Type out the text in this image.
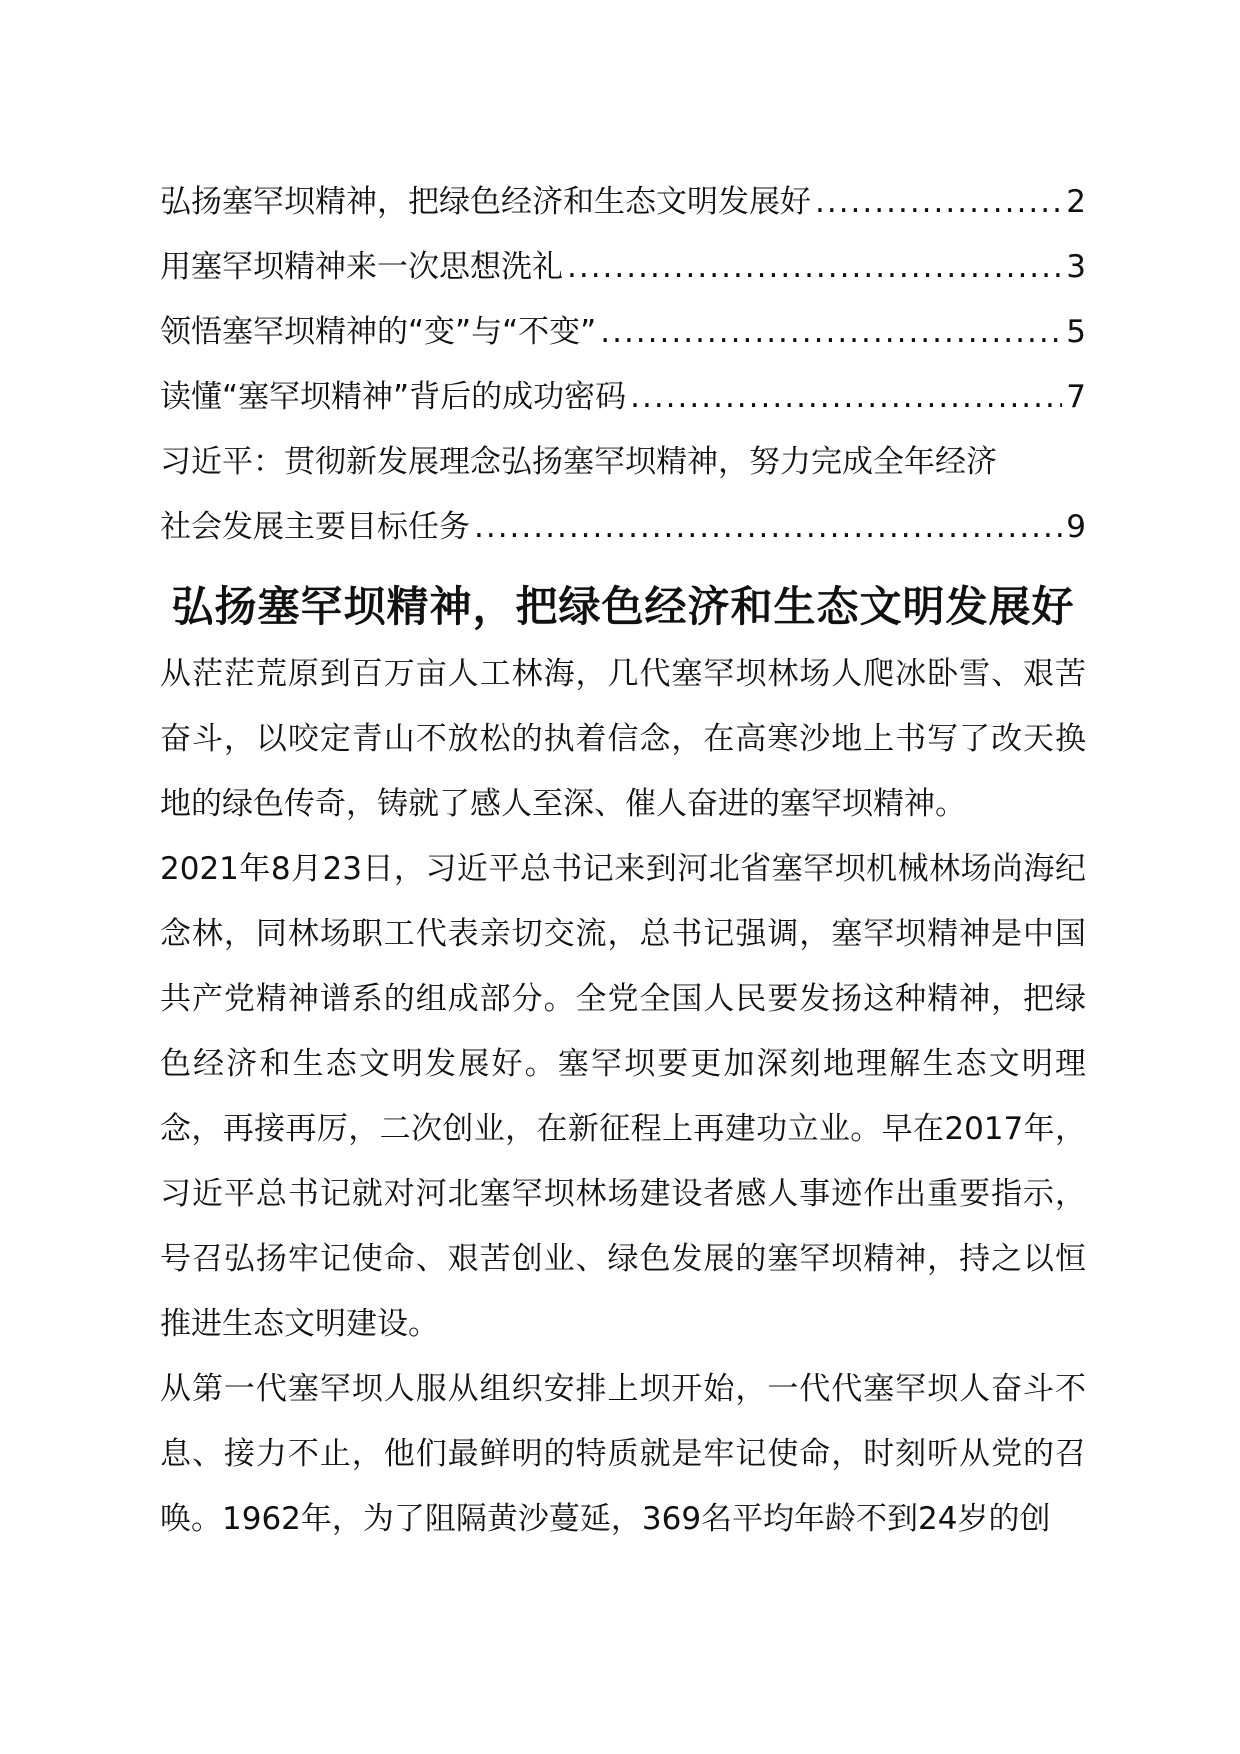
弘扬塞罕坝精神，把绿色经济和生态文明发展好 .....	2
用塞罕坝精神来一次思想洗礼 .....	3
领悟塞罕坝精神的“变”与“不变” .....	5
读懂“塞罕坝精神”背后的成功密码 .....	7
习近平：贯彻新发展理念弘扬塞罕坝精神，努力完成全年经济
社会发展主要目标任务 .....	9
弘扬塞罕坝精神，把绿色经济和生态文明发展好

从茫茫荒原到百万亩人工林海，几代塞罕坝林场人爬冰卧雪、艰苦奋斗，以咬定青山不放松的执着信念，在高寒沙地上书写了改天换地的绿色传奇，铸就了感人至深、催人奋进的塞罕坝精神。

2021年8月23日，习近平总书记来到河北省塞罕坝机械林场尚海纪念林，同林场职工代表亲切交流，总书记强调，塞罕坝精神是中国共产党精神谱系的组成部分。全党全国人民要发扬这种精神，把绿色经济和生态文明发展好。塞罕坝要更加深刻地理解生态文明理念，再接再厉，二次创业，在新征程上再建功立业。早在2017年，习近平总书记就对河北塞罕坝林场建设者感人事迹作出重要指示，号召弘扬牢记使命、艰苦创业、绿色发展的塞罕坝精神，持之以恒推进生态文明建设。

从第一代塞罕坝人服从组织安排上坝开始，一代代塞罕坝人奋斗不息、接力不止，他们最鲜明的特质就是牢记使命，时刻听从党的召唤。1962年，为了阻隔黄沙蔓延，369名平均年龄不到24岁的创
